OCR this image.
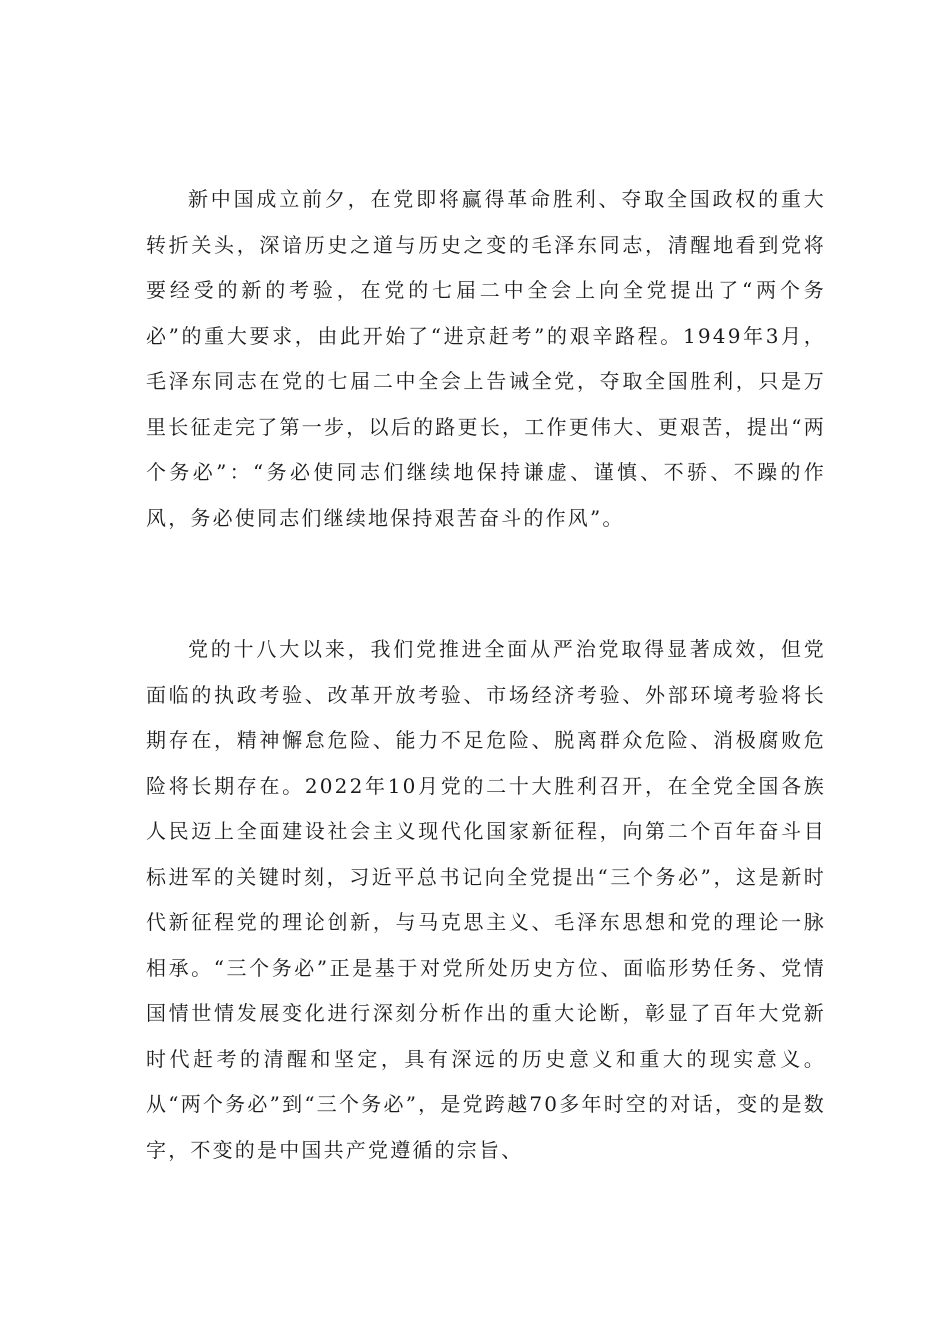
新中国成立前夕，在党即将赢得革命胜利、夺取全国政权的重大转折关头，深谙历史之道与历史之变的毛泽东同志，清醒地看到党将要经受的新的考验，在党的七届二中全会上向全党提出了“两个务必”的重大要求，由此开始了“进京赶考”的艰辛路程。1949年3月，毛泽东同志在党的七届二中全会上告诫全党，夺取全国胜利，只是万里长征走完了第一步，以后的路更长，工作更伟大、更艰苦，提出“两个务必”：“务必使同志们继续地保持谦虚、谨慎、不骄、不躁的作风，务必使同志们继续地保持艰苦奋斗的作风”。

党的十八大以来，我们党推进全面从严治党取得显著成效，但党面临的执政考验、改革开放考验、市场经济考验、外部环境考验将长期存在，精神懈怠危险、能力不足危险、脱离群众危险、消极腐败危险将长期存在。2022年10月党的二十大胜利召开，在全党全国各族人民迈上全面建设社会主义现代化国家新征程，向第二个百年奋斗目标进军的关键时刻，习近平总书记向全党提出“三个务必”，这是新时代新征程党的理论创新，与马克思主义、毛泽东思想和党的理论一脉相承。“三个务必”正是基于对党所处历史方位、面临形势任务、党情国情世情发展变化进行深刻分析作出的重大论断，彰显了百年大党新时代赶考的清醒和坚定，具有深远的历史意义和重大的现实意义。从“两个务必”到“三个务必”，是党跨越70多年时空的对话，变的是数字，不变的是中国共产党遵循的宗旨、
